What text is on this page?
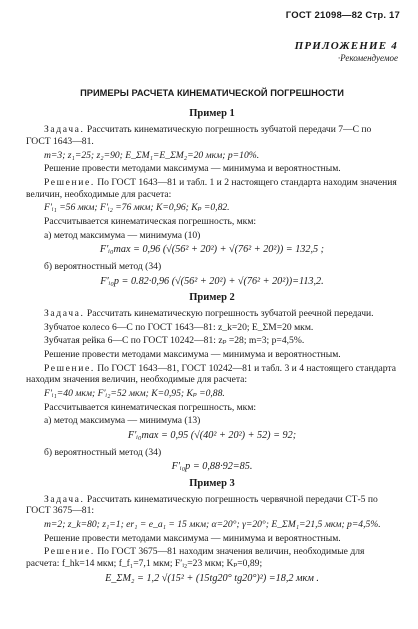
ГОСТ 21098—82 Стр. 17
ПРИЛОЖЕНИЕ 4
·Рекомендуемое
ПРИМЕРЫ РАСЧЕТА КИНЕМАТИЧЕСКОЙ ПОГРЕШНОСТИ
Пример 1

Задача. Рассчитать кинематическую погрешность зубчатой передачи 7—С по ГОСТ 1643—81.

m=3; z₁=25; z₂=90; E_ΣM₁=E_ΣM₂=20 мкм; p=10%.

Решение провести методами максимума — минимума и вероятностным.

Решение. По ГОСТ 1643—81 и табл. 1 и 2 настоящего стандарта находим значения величин, необходимые для расчета:

F′ᵢ₁ =56 мкм; F′ᵢ₂ =76 мкм; K=0,96; Kₚ =0,82.

Рассчитывается кинематическая погрешность, мкм:

а) метод максимума — минимума (10)

F′ᵢ₀max = 0,96 (√(56² + 20²) + √(76² + 20²)) = 132,5 ;

б) вероятностный метод (34)

F′ᵢ₀p = 0.82·0,96 (√(56² + 20²) + √(76² + 20²))=113,2.
Пример 2

Задача. Рассчитать кинематическую погрешность зубчатой реечной передачи.

Зубчатое колесо 6—С по ГОСТ 1643—81: z_k=20; E_ΣM=20 мкм.

Зубчатая рейка 6—С по ГОСТ 10242—81: zₚ =28; m=3; p=4,5%.

Решение провести методами максимума — минимума и вероятностным.

Решение. По ГОСТ 1643—81, ГОСТ 10242—81 и табл. 3 и 4 настоящего стандарта находим значения величин, необходимые для расчета:

F′ᵢ₁=40 мкм; F′ᵢ₂=52 мкм; K=0,95; Kₚ =0,88.

Рассчитывается кинематическая погрешность, мкм:

а) метод максимума — минимума (13)

F′ᵢ₀max = 0,95 (√(40² + 20²) + 52) = 92;

б) вероятностный метод (34)

F′ᵢ₀p = 0,88·92=85.
Пример 3

Задача. Рассчитать кинематическую погрешность червячной передачи СТ-5 по ГОСТ 3675—81:

m=2; z_k=80; z₁=1; er₁ = e_a₁ = 15 мкм; α=20°; γ=20°; E_ΣM₁=21,5 мкм; p=4,5%.

Решение провести методами максимума — минимума и вероятностным.

Решение. По ГОСТ 3675—81 находим значения величин, необходимые для расчета: f_hk=14 мкм; f_f₁=7,1 мкм; F′ᵢ₂=23 мкм; Kₚ=0,89;

E_ΣM₂ = 1,2 √(15² + (15tg20° tg20°)²) =18,2 мкм .
